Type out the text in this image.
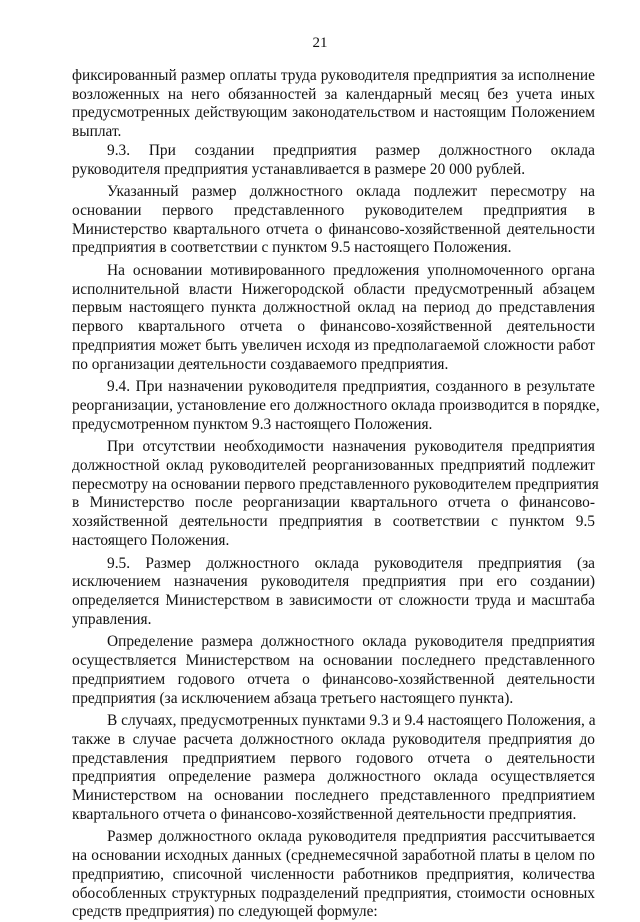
21

фиксированный размер оплаты труда руководителя предприятия за исполнение
возложенных на него обязанностей за календарный месяц без учета иных
предусмотренных действующим законодательством и настоящим Положением
выплат.

9.3. При создании предприятия размер должностного оклада
руководителя предприятия устанавливается в размере 20 000 рублей.

Указанный размер должностного оклада подлежит пересмотру на
основании первого представленного руководителем предприятия в
Министерство квартального отчета о финансово-хозяйственной деятельности
предприятия в соответствии с пунктом 9.5 настоящего Положения.

На основании мотивированного предложения уполномоченного органа
исполнительной власти Нижегородской области предусмотренный абзацем
первым настоящего пункта должностной оклад на период до представления
первого квартального отчета о финансово-хозяйственной деятельности
предприятия может быть увеличен исходя из предполагаемой сложности работ
по организации деятельности создаваемого предприятия.

9.4. При назначении руководителя предприятия, созданного в результате
реорганизации, установление его должностного оклада производится в порядке,
предусмотренном пунктом 9.3 настоящего Положения.

При отсутствии необходимости назначения руководителя предприятия
должностной оклад руководителей реорганизованных предприятий подлежит
пересмотру на основании первого представленного руководителем предприятия
в Министерство после реорганизации квартального отчета о финансово-
хозяйственной деятельности предприятия в соответствии с пунктом 9.5
настоящего Положения.

9.5. Размер должностного оклада руководителя предприятия (за
исключением назначения руководителя предприятия при его создании)
определяется Министерством в зависимости от сложности труда и масштаба
управления.

Определение размера должностного оклада руководителя предприятия
осуществляется Министерством на основании последнего представленного
предприятием годового отчета о финансово-хозяйственной деятельности
предприятия (за исключением абзаца третьего настоящего пункта).

В случаях, предусмотренных пунктами 9.3 и 9.4 настоящего Положения, а
также в случае расчета должностного оклада руководителя предприятия до
представления предприятием первого годового отчета о деятельности
предприятия определение размера должностного оклада осуществляется
Министерством на основании последнего представленного предприятием
квартального отчета о финансово-хозяйственной деятельности предприятия.

Размер должностного оклада руководителя предприятия рассчитывается
на основании исходных данных (среднемесячной заработной платы в целом по
предприятию, списочной численности работников предприятия, количества
обособленных структурных подразделений предприятия, стоимости основных
средств предприятия) по следующей формуле:
